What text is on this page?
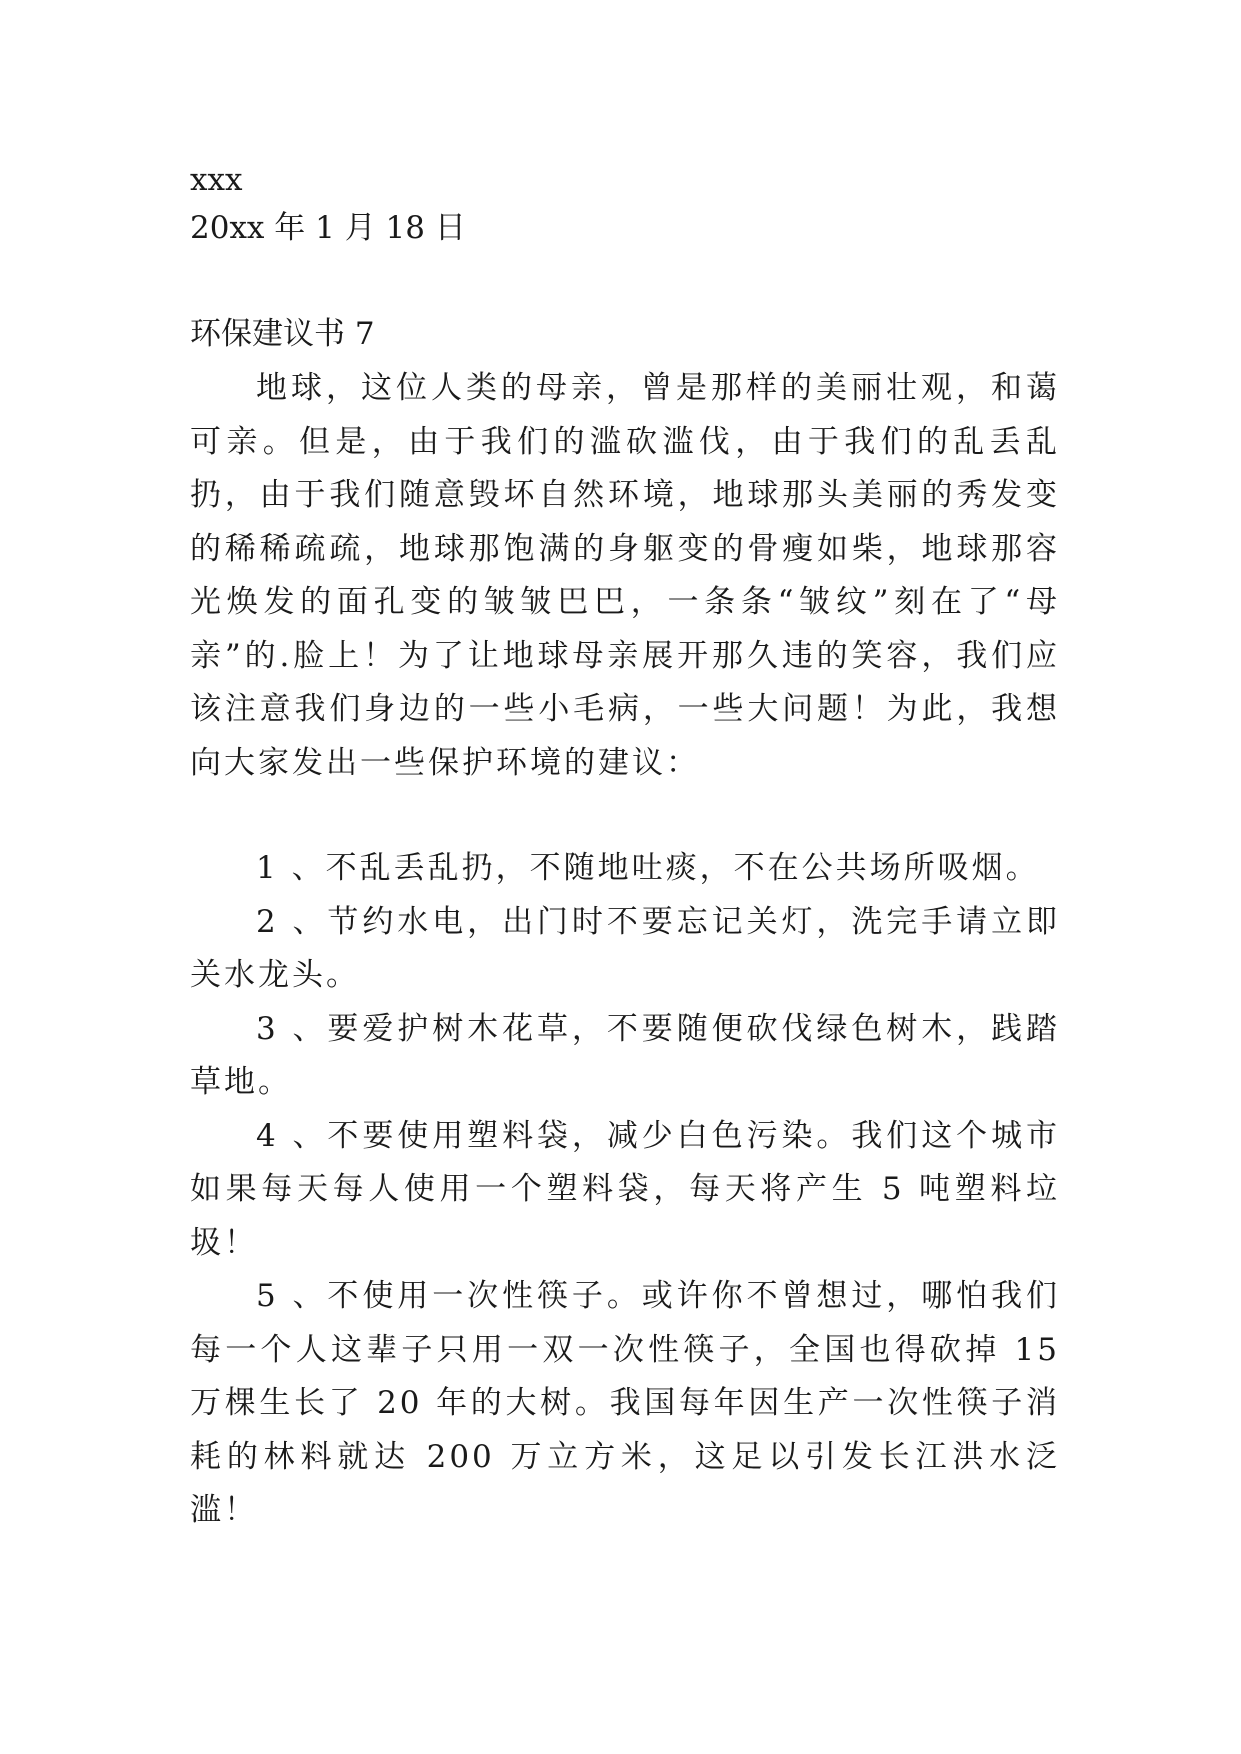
xxx

20xx 年 1 月 18 日

环保建议书 7

地球，这位人类的母亲，曾是那样的美丽壮观，和蔼可亲。但是，由于我们的滥砍滥伐，由于我们的乱丢乱扔，由于我们随意毁坏自然环境，地球那头美丽的秀发变的稀稀疏疏，地球那饱满的身躯变的骨瘦如柴，地球那容光焕发的面孔变的皱皱巴巴，一条条“皱纹”刻在了“母亲”的.脸上！为了让地球母亲展开那久违的笑容，我们应该注意我们身边的一些小毛病，一些大问题！为此，我想向大家发出一些保护环境的建议：

1 、不乱丢乱扔，不随地吐痰，不在公共场所吸烟。

2 、节约水电，出门时不要忘记关灯，洗完手请立即关水龙头。

3 、要爱护树木花草，不要随便砍伐绿色树木，践踏草地。

4 、不要使用塑料袋，减少白色污染。我们这个城市如果每天每人使用一个塑料袋，每天将产生 5 吨塑料垃圾！

5 、不使用一次性筷子。或许你不曾想过，哪怕我们每一个人这辈子只用一双一次性筷子，全国也得砍掉 15 万棵生长了 20 年的大树。我国每年因生产一次性筷子消耗的林料就达 200 万立方米，这足以引发长江洪水泛滥！
